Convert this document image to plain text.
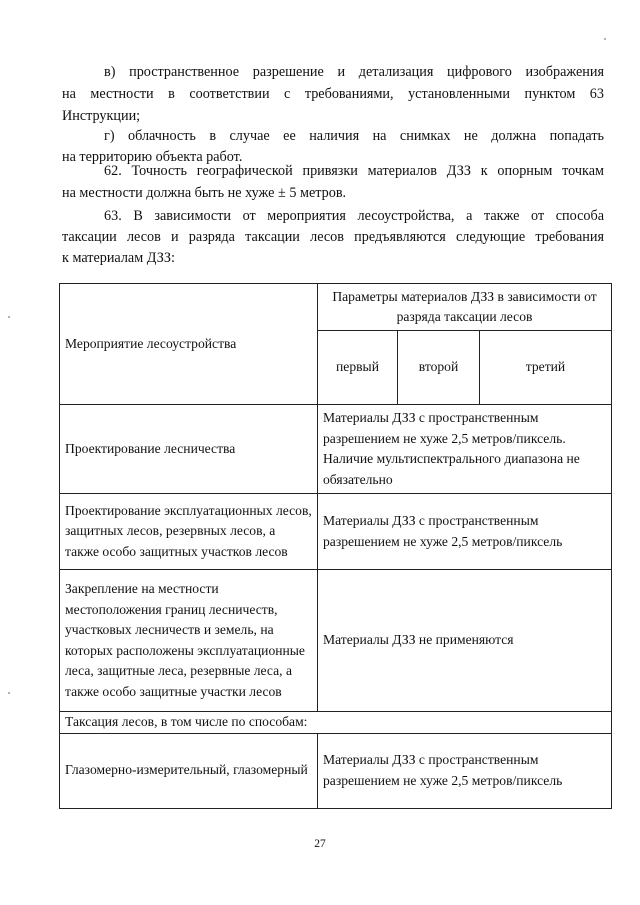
в) пространственное разрешение и детализация цифрового изображения
на местности в соответствии с требованиями, установленными пунктом 63
Инструкции;
г) облачность в случае ее наличия на снимках не должна попадать
на территорию объекта работ.
62. Точность географической привязки материалов ДЗЗ к опорным точкам
на местности должна быть не хуже ± 5 метров.
63. В зависимости от мероприятия лесоустройства, а также от способа
таксации лесов и разряда таксации лесов предъявляются следующие требования
к материалам ДЗЗ:
Мероприятие лесоустройства	Параметры материалов ДЗЗ в зависимости от разряда таксации лесов		
	первый	второй	третий
Проектирование лесничества	Материалы ДЗЗ с пространственным разрешением не хуже 2,5 метров/пиксель. Наличие мультиспектрального диапазона не обязательно		
Проектирование эксплуатационных лесов, защитных лесов, резервных лесов, а также особо защитных участков лесов	Материалы ДЗЗ с пространственным разрешением не хуже 2,5 метров/пиксель		
Закрепление на местности местоположения границ лесничеств, участковых лесничеств и земель, на которых расположены эксплуатационные леса, защитные леса, резервные леса, а также особо защитные участки лесов	Материалы ДЗЗ не применяются		
Таксация лесов, в том числе по способам:			
Глазомерно-измерительный, глазомерный	Материалы ДЗЗ с пространственным разрешением не хуже 2,5 метров/пиксель		
27
